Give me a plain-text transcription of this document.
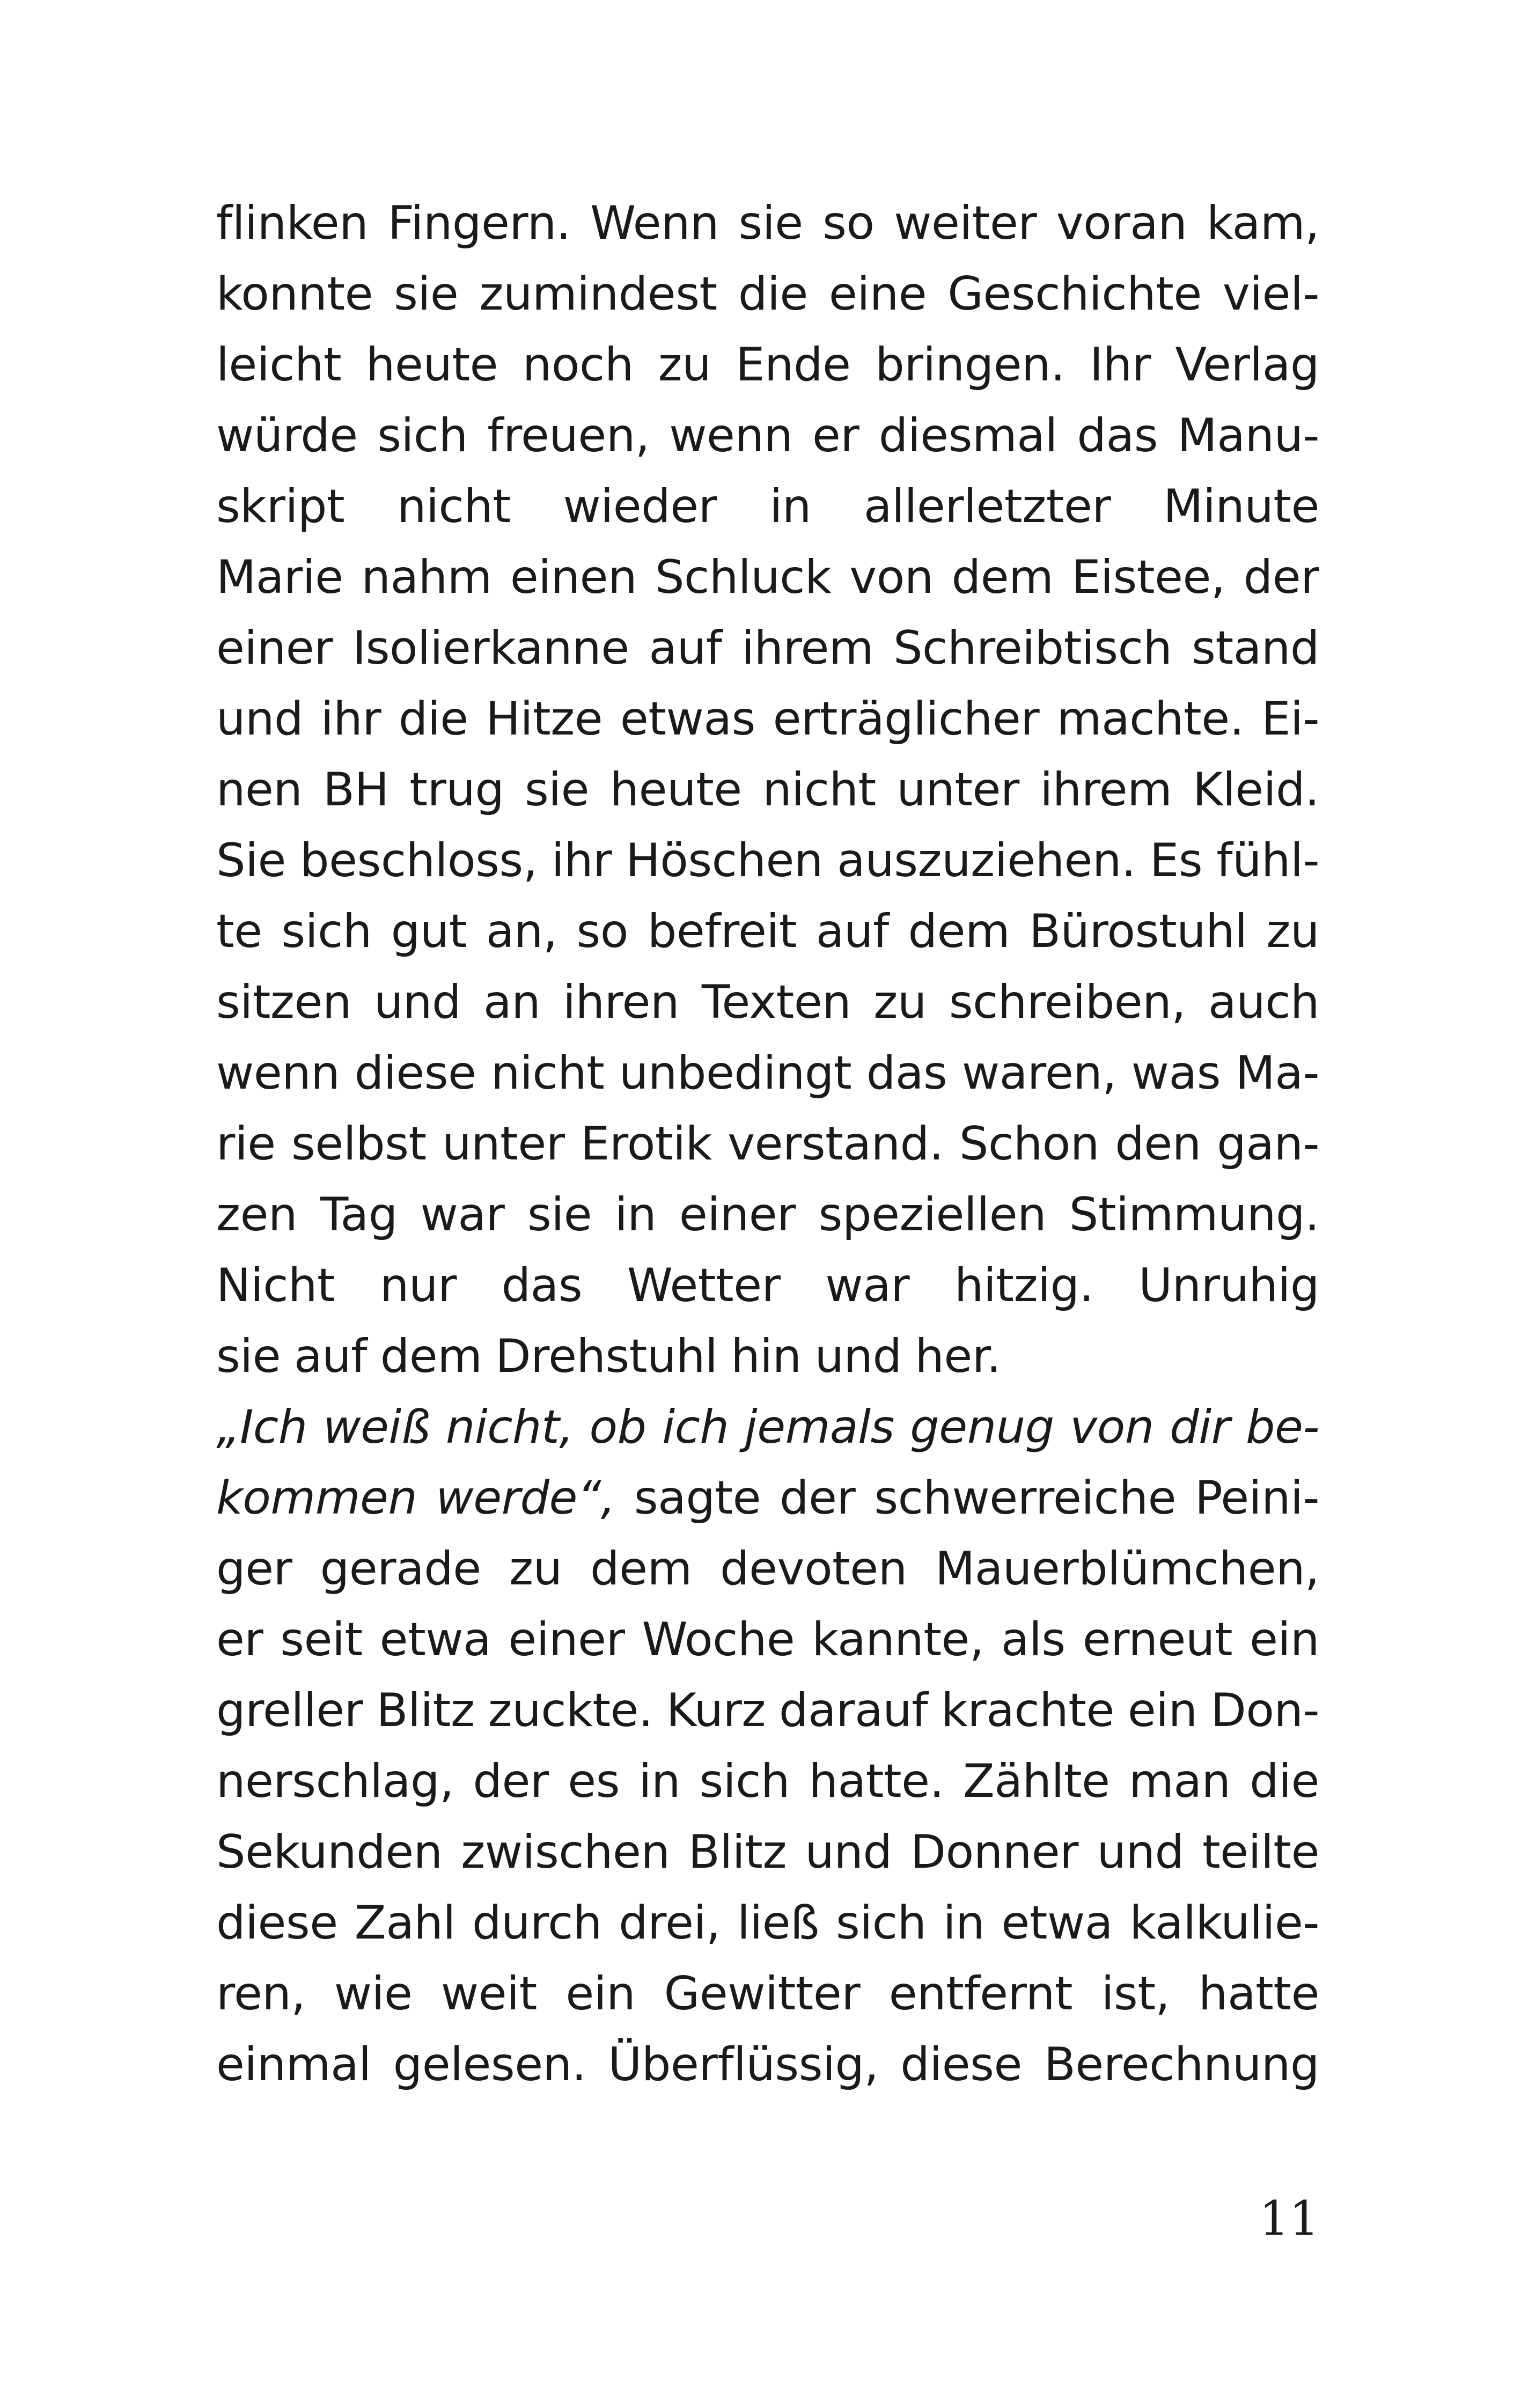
flinken Fingern. Wenn sie so weiter voran kam,
konnte sie zumindest die eine Geschichte viel-
leicht heute noch zu Ende bringen. Ihr Verlag
würde sich freuen, wenn er diesmal das Manu-
skript nicht wieder in allerletzter Minute
Marie nahm einen Schluck von dem Eistee, der
einer Isolierkanne auf ihrem Schreibtisch stand
und ihr die Hitze etwas erträglicher machte. Ei-
nen BH trug sie heute nicht unter ihrem Kleid.
Sie beschloss, ihr Höschen auszuziehen. Es fühl-
te sich gut an, so befreit auf dem Bürostuhl zu
sitzen und an ihren Texten zu schreiben, auch
wenn diese nicht unbedingt das waren, was Ma-
rie selbst unter Erotik verstand. Schon den gan-
zen Tag war sie in einer speziellen Stimmung.
Nicht nur das Wetter war hitzig. Unruhig
sie auf dem Drehstuhl hin und her.
„Ich weiß nicht, ob ich jemals genug von dir be-
kommen werde“, sagte der schwerreiche Peini-
ger gerade zu dem devoten Mauerblümchen,
er seit etwa einer Woche kannte, als erneut ein
greller Blitz zuckte. Kurz darauf krachte ein Don-
nerschlag, der es in sich hatte. Zählte man die
Sekunden zwischen Blitz und Donner und teilte
diese Zahl durch drei, ließ sich in etwa kalkulie-
ren, wie weit ein Gewitter entfernt ist, hatte
einmal gelesen. Überflüssig, diese Berechnung
11
